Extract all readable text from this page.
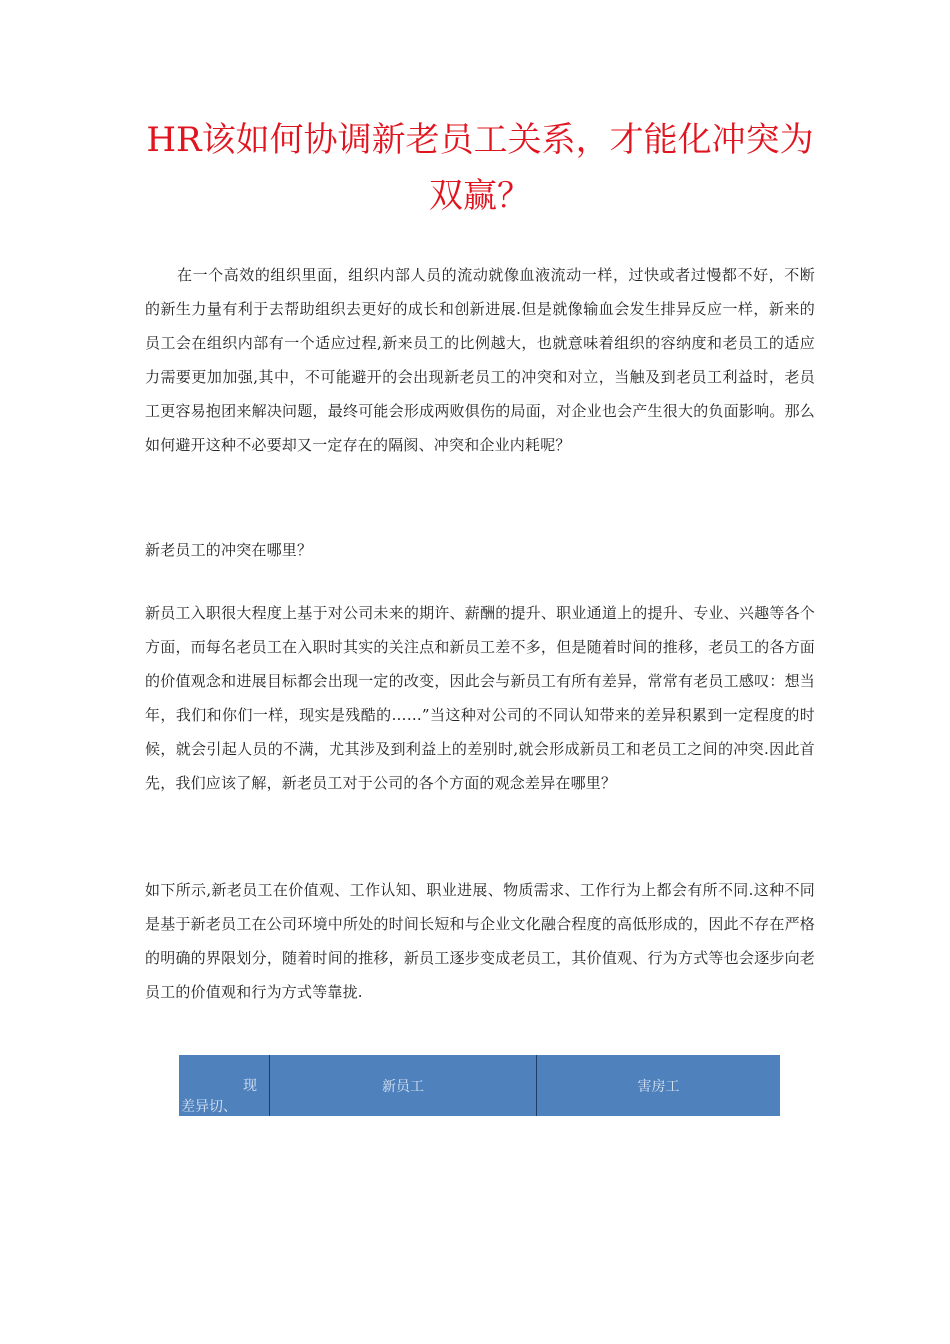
HR该如何协调新老员工关系，才能化冲突为双赢？

在一个高效的组织里面，组织内部人员的流动就像血液流动一样，过快或者过慢都不好，不断的新生力量有利于去帮助组织去更好的成长和创新进展.但是就像输血会发生排异反应一样，新来的员工会在组织内部有一个适应过程,新来员工的比例越大，也就意味着组织的容纳度和老员工的适应力需要更加加强,其中，不可能避开的会出现新老员工的冲突和对立，当触及到老员工利益时，老员工更容易抱团来解决问题，最终可能会形成两败俱伤的局面，对企业也会产生很大的负面影响。那么如何避开这种不必要却又一定存在的隔阂、冲突和企业内耗呢？

新老员工的冲突在哪里？

新员工入职很大程度上基于对公司未来的期许、薪酬的提升、职业通道上的提升、专业、兴趣等各个方面，而每名老员工在入职时其实的关注点和新员工差不多，但是随着时间的推移，老员工的各方面的价值观念和进展目标都会出现一定的改变，因此会与新员工有所有差异，常常有老员工感叹：想当年，我们和你们一样，现实是残酷的……”当这种对公司的不同认知带来的差异积累到一定程度的时候，就会引起人员的不满，尤其涉及到利益上的差别时,就会形成新员工和老员工之间的冲突.因此首先，我们应该了解，新老员工对于公司的各个方面的观念差异在哪里？

如下所示,新老员工在价值观、工作认知、职业进展、物质需求、工作行为上都会有所不同.这种不同是基于新老员工在公司环境中所处的时间长短和与企业文化融合程度的高低形成的，因此不存在严格的明确的界限划分，随着时间的推移，新员工逐步变成老员工，其价值观、行为方式等也会逐步向老员工的价值观和行为方式等靠拢.

现
差异切、
新员工	害房工
